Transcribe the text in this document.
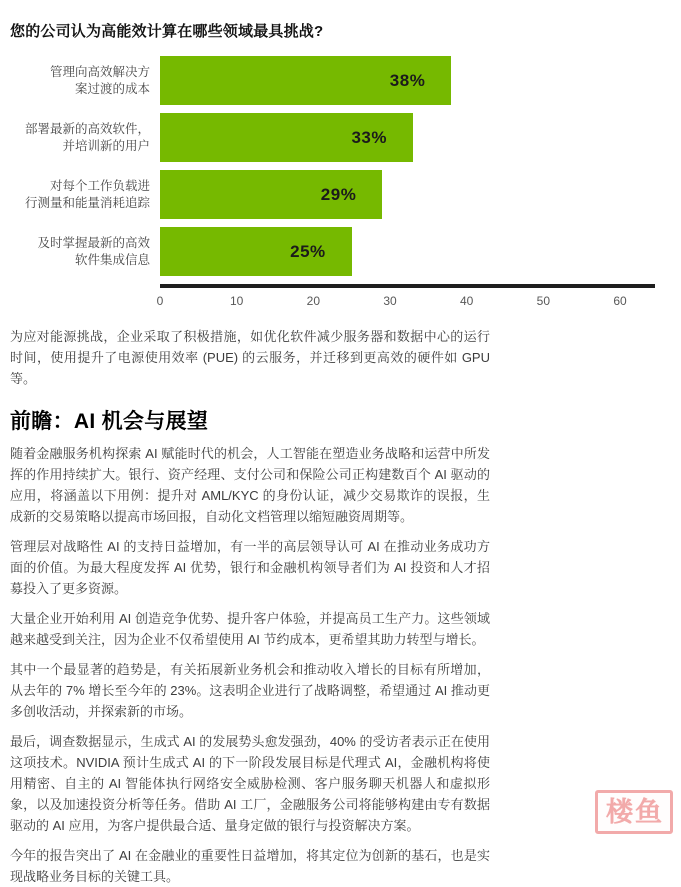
您的公司认为高能效计算在哪些领域最具挑战?
管理向高效解决方
案过渡的成本	38%
部署最新的高效软件，
并培训新的用户	33%
对每个工作负载进
行测量和能量消耗追踪	29%
及时掌握最新的高效
软件集成信息	25%
0	10	20	30	40	50	60

为应对能源挑战，企业采取了积极措施，如优化软件减少服务器和数据中心的运行时间，使用提升了电源使用效率 (PUE) 的云服务，并迁移到更高效的硬件如 GPU 等。

前瞻：AI 机会与展望

随着金融服务机构探索 AI 赋能时代的机会，人工智能在塑造业务战略和运营中所发挥的作用持续扩大。银行、资产经理、支付公司和保险公司正构建数百个 AI 驱动的应用，将涵盖以下用例：提升对 AML/KYC 的身份认证，减少交易欺诈的误报，生成新的交易策略以提高市场回报，自动化文档管理以缩短融资周期等。

管理层对战略性 AI 的支持日益增加，有一半的高层领导认可 AI 在推动业务成功方面的价值。为最大程度发挥 AI 优势，银行和金融机构领导者们为 AI 投资和人才招募投入了更多资源。

大量企业开始利用 AI 创造竞争优势、提升客户体验，并提高员工生产力。这些领域越来越受到关注，因为企业不仅希望使用 AI 节约成本，更希望其助力转型与增长。

其中一个最显著的趋势是，有关拓展新业务机会和推动收入增长的目标有所增加，从去年的 7% 增长至今年的 23%。这表明企业进行了战略调整，希望通过 AI 推动更多创收活动，并探索新的市场。

最后，调查数据显示，生成式 AI 的发展势头愈发强劲，40% 的受访者表示正在使用这项技术。NVIDIA 预计生成式 AI 的下一阶段发展目标是代理式 AI，金融机构将使用精密、自主的 AI 智能体执行网络安全威胁检测、客户服务聊天机器人和虚拟形象，以及加速投资分析等任务。借助 AI 工厂，金融服务公司将能够构建由专有数据驱动的 AI 应用，为客户提供最合适、量身定做的银行与投资解决方案。

今年的报告突出了 AI 在金融业的重要性日益增加，将其定位为创新的基石，也是实现战略业务目标的关键工具。

楼 鱼
